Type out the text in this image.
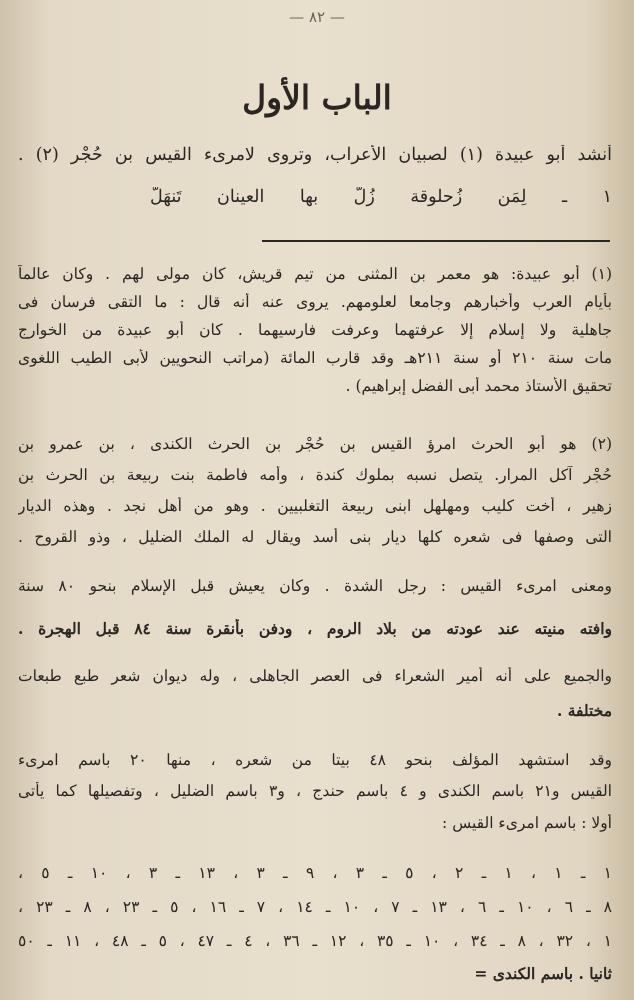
— ٨٢ —
الباب الأول
أنشد أبو عبيدة (١) لصبيان الأعراب، وتروى لامرىء القيس بن حُجْر (٢) .
١ ـ لِمَن زُحلوقة زُلٌّ بها العينان تَنهَلُّ
(١) أبو عبيدة: هو معمر بن المثنى من تيم قريش، كان مولى لهم . وكان عالماً
بأيام العرب وأخبارهم وجامعا لعلومهم. يروى عنه أنه قال : ما التقى فرسان فى
جاهلية ولا إسلام إلا عرفتهما وعرفت فارسيهما . كان أبو عبيدة من الخوارج
مات سنة ٢١٠ أو سنة ٢١١هـ وقد قارب المائة (مراتب النحويين لأبى الطيب اللغوى
تحقيق الأستاذ محمد أبى الفضل إبراهيم) .
(٢) هو أبو الحرث امرؤ القيس بن حُجْر بن الحرث الكندى ، بن عمرو بن
حُجْر آكل المرار. يتصل نسبه بملوك كندة ، وأمه فاطمة بنت ربيعة بن الحرث بن
زهير ، أخت كليب ومهلهل ابنى ربيعة التغلبيين . وهو من أهل نجد . وهذه الديار
التى وصفها فى شعره كلها ديار بنى أسد ويقال له الملك الضليل ، وذو القروح .
ومعنى امرىء القيس : رجل الشدة . وكان يعيش قبل الإسلام بنحو ٨٠ سنة
وافته منيته عند عودته من بلاد الروم ، ودفن بأنقرة سنة ٨٤ قبل الهجرة .
والجميع على أنه أمير الشعراء فى العصر الجاهلى ، وله ديوان شعر طبع طبعات
مختلفة .
وقد استشهد المؤلف بنحو ٤٨ بيتا من شعره ، منها ٢٠ باسم امرىء
القيس و٢١ باسم الكندى و ٤ باسم حندج ، و٣ باسم الضليل ، وتفصيلها كما يأتى
أولا : باسم امرىء القيس :
١ ـ ١ ، ١ ـ ٢ ، ٥ ـ ٣ ، ٩ ـ ٣ ، ١٣ ـ ٣ ، ١٠ ـ ٥ ،
٨ ـ ٦ ، ١٠ ـ ٦ ، ١٣ ـ ٧ ، ١٠ ـ ١٤ ، ٧ ـ ١٦ ، ٥ ـ ٢٣ ، ٨ ـ ٢٣ ،
١ ، ٣٢ ، ٨ ـ ٣٤ ، ١٠ ـ ٣٥ ، ١٢ ـ ٣٦ ، ٤ ـ ٤٧ ، ٥ ـ ٤٨ ، ١١ ـ ٥٠
ثانيا . باسم الكندى =
